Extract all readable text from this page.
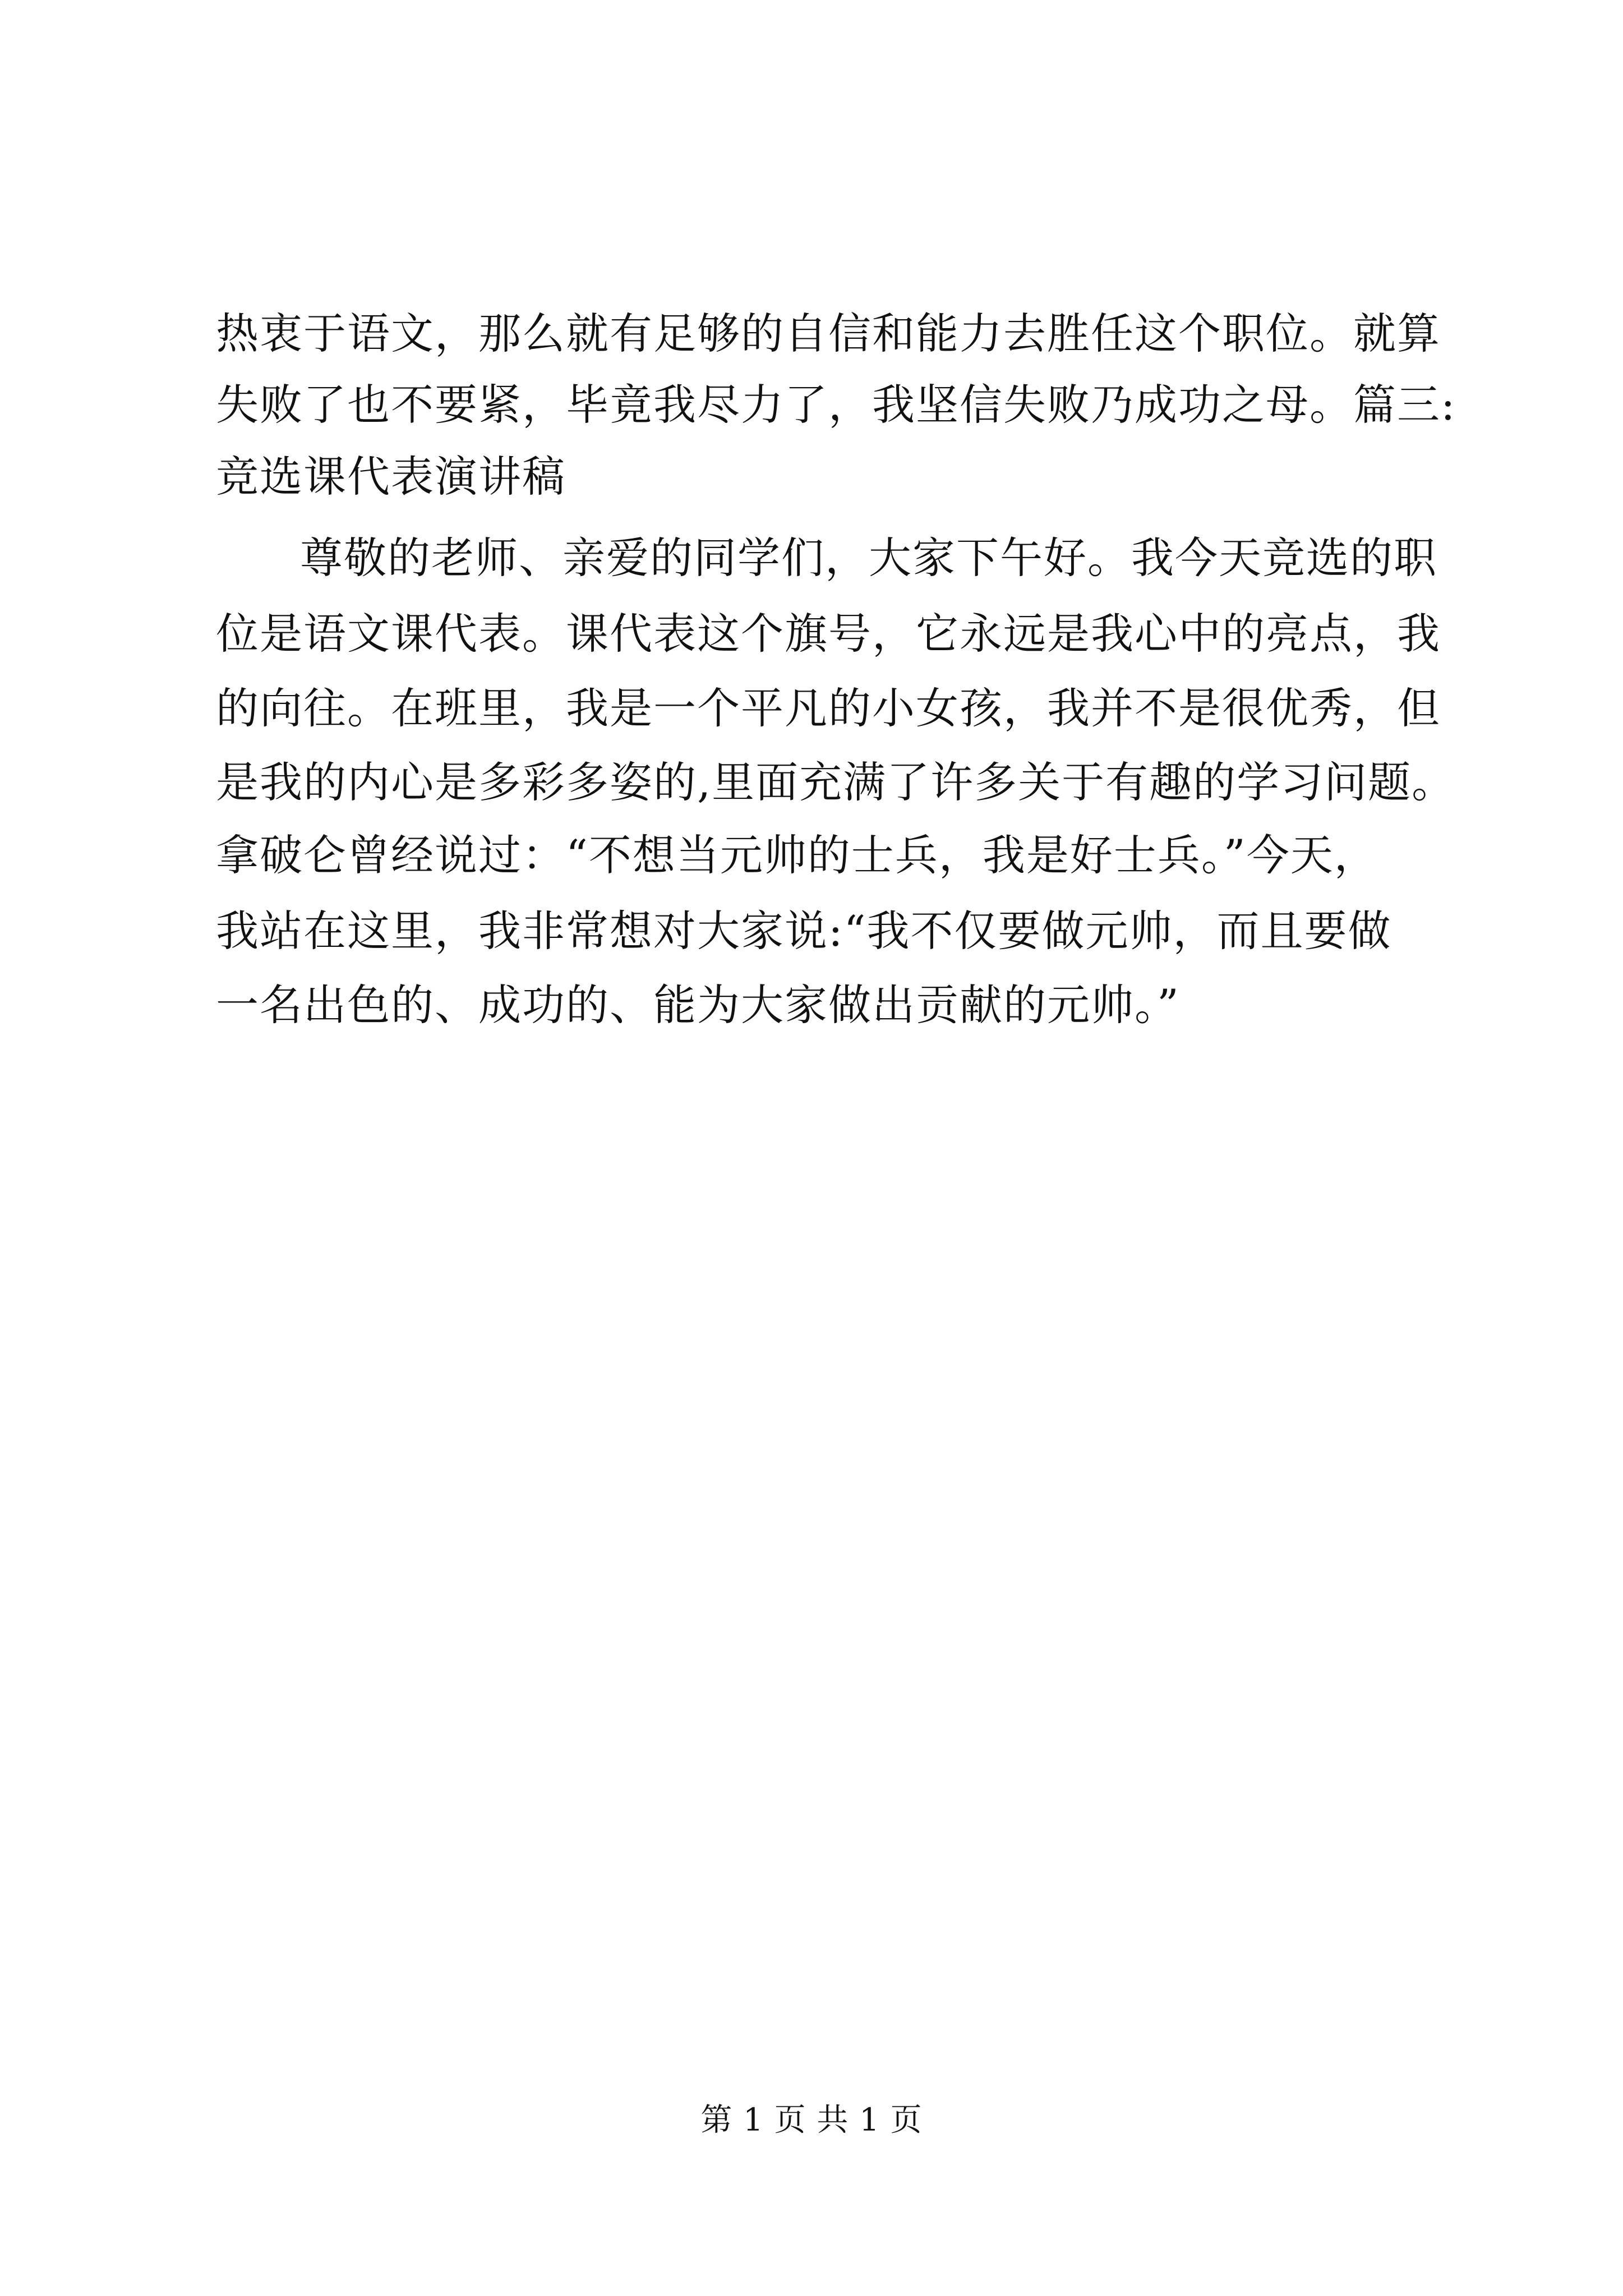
热衷于语文，那么就有足够的自信和能力去胜任这个职位。就算
失败了也不要紧，毕竟我尽力了，我坚信失败乃成功之母。篇三:
竞选课代表演讲稿
尊敬的老师、亲爱的同学们，大家下午好。我今天竞选的职
位是语文课代表。课代表这个旗号，它永远是我心中的亮点，我
的向往。在班里，我是一个平凡的小女孩，我并不是很优秀，但
是我的内心是多彩多姿的,里面充满了许多关于有趣的学习问题。
拿破仑曾经说过：“不想当元帅的士兵，我是好士兵。”今天，
我站在这里，我非常想对大家说:“我不仅要做元帅，而且要做
一名出色的、成功的、能为大家做出贡献的元帅。”
第 1 页 共 1 页
